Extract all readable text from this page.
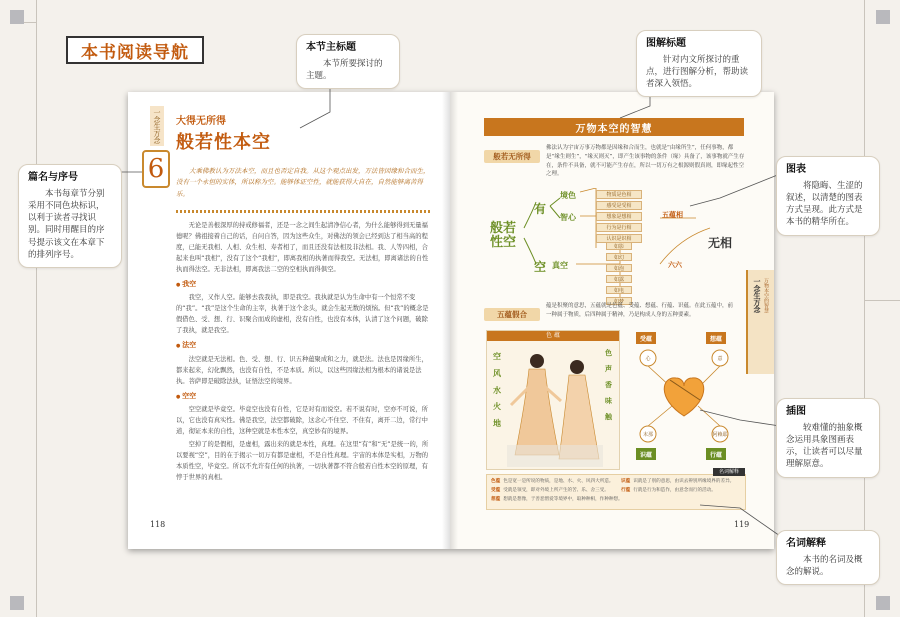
本书阅读导航
一念生万念
6
大得无所得
般若性本空
大乘佛教认为万法本空，而且也否定自我。从这个观点出发，万法皆因缘和合而生，没有一个永恒的实体，所以称为空。能够体证空性，就能获得大自在，自然能够离苦得乐。

无论是善根深厚的持戒修福者，还是一念之间生起清净信心者，为什么能够得到无量福德呢？佛祖接着自己的话，自问自答，因为这些众生，对佛法的领会已经到达了相当高的程度，已能无我相、人相、众生相、寿者相了，而且还没有法相及非法相。我、人等四相，合起来也叫“我相”，没有了这个“我相”，即离我相的执著而得我空。无法相，即离诸法的自性执而得法空。无非法相，即离我法二空的空相执而得俱空。

● 我空

我空，又作人空。能够去我我执，即是我空。我执就是认为生命中有一个恒常不变的“我”。“我”是这个生命的主宰，执著于这个念头，就会生起无数的烦恼。但“我”的概念是假借色、受、想、行、识聚合而成的虚相，没有自性，也没有本体，认清了这个问题，破除了我执，就是我空。

● 法空

法空就是无法相。色、受、想、行、识五种蕴聚成和之力，就是法。法也是因缘所生，都来起来，幻化飘然，也没有自性，不是本质。所以，以这些因缘法相为根本的诸说是法执。菩萨即是破除法执，证悟法空的境界。

● 空空

空空就是毕竟空。毕竟空也没有自性，它是对有而说空。若不说有时，空亦不可说，所以，它也没有真实性。佛是我空，法空都破除，这念心不住空、不住有，离开二边，常行中道，彻证本来的自性，这种空就是本性本空，真空妙有的境界。

空掉了的是假相，是虚相，露出来的就是本性，真理。在这里“有”和“无”是统一的，所以要视“空”，目的在于揭示一切万有都是虚相，不是自性真理。宇宙的本体是实相，万物的本质性空，毕竟空。所以不允许有任何的执著，一切执著都不符合般若自性本空的原理，有悖于世界的真相。

118
万物本空的智慧
般若无所得
佛法认为宇宙万事万物都是因缘和合而生，也就是“由缘所生”，任何事物，都是“缘生则生”，“缘灭则灭”，即产生该事物的条件（缘）具备了，该事物就产生存在，条件不具备，就不可能产生存在，所以一切万有之根源则假真则，即缘起性空之理。
般若性空
有
空
境色
智心
真空
物质是色相
感受是受相
想象是想相
行为是行相
认识是识相
五蕴相
无相
六六
如影
如幻
如泡
如露
如电
如梦	一念生万念 万物本空的智慧
五蕴假合
蕴是积聚的意思，五蕴就是色蕴、受蕴、想蕴、行蕴、识蕴。在此五蕴中，前一种属于物质，后四种属于精神，乃是构成人身的五种要素。
色 蕴
空
风
水
火
地
色
声
香
味
触
受蕴	想蕴
识蕴	行蕴
心	意
末那	阿赖耶
名词解释
色蕴 色是宽一是所说的物质，是地、水、火、风四大所造。
受蕴 受就是领受，即对外境上所产生的苦、乐、舍三受。
想蕴 想就是想像，于善恶憎爱等境界中，取种种相，作种种想。
识蕴 识就是了别的意思，由识去辨别所缘境界的差异。
行蕴 行就是行为和造作，由意念而行的活动。
119
本节主标题
本节所要探讨的主题。
图解标题
针对内文所探讨的重点，进行图解分析，帮助读者深入领悟。
篇名与序号
本书每章节分别采用不同色块标识，以利于读者寻找识别。同时用醒目的序号提示该文在本章下的排列序号。
图表
将隐晦、生涩的叙述，以清楚的图表方式呈现。此方式是本书的精华所在。
插图
较难懂的抽象概念运用具象图画表示，让读者可以尽量理解原意。
名词解释
本书的名词及概念的解说。
